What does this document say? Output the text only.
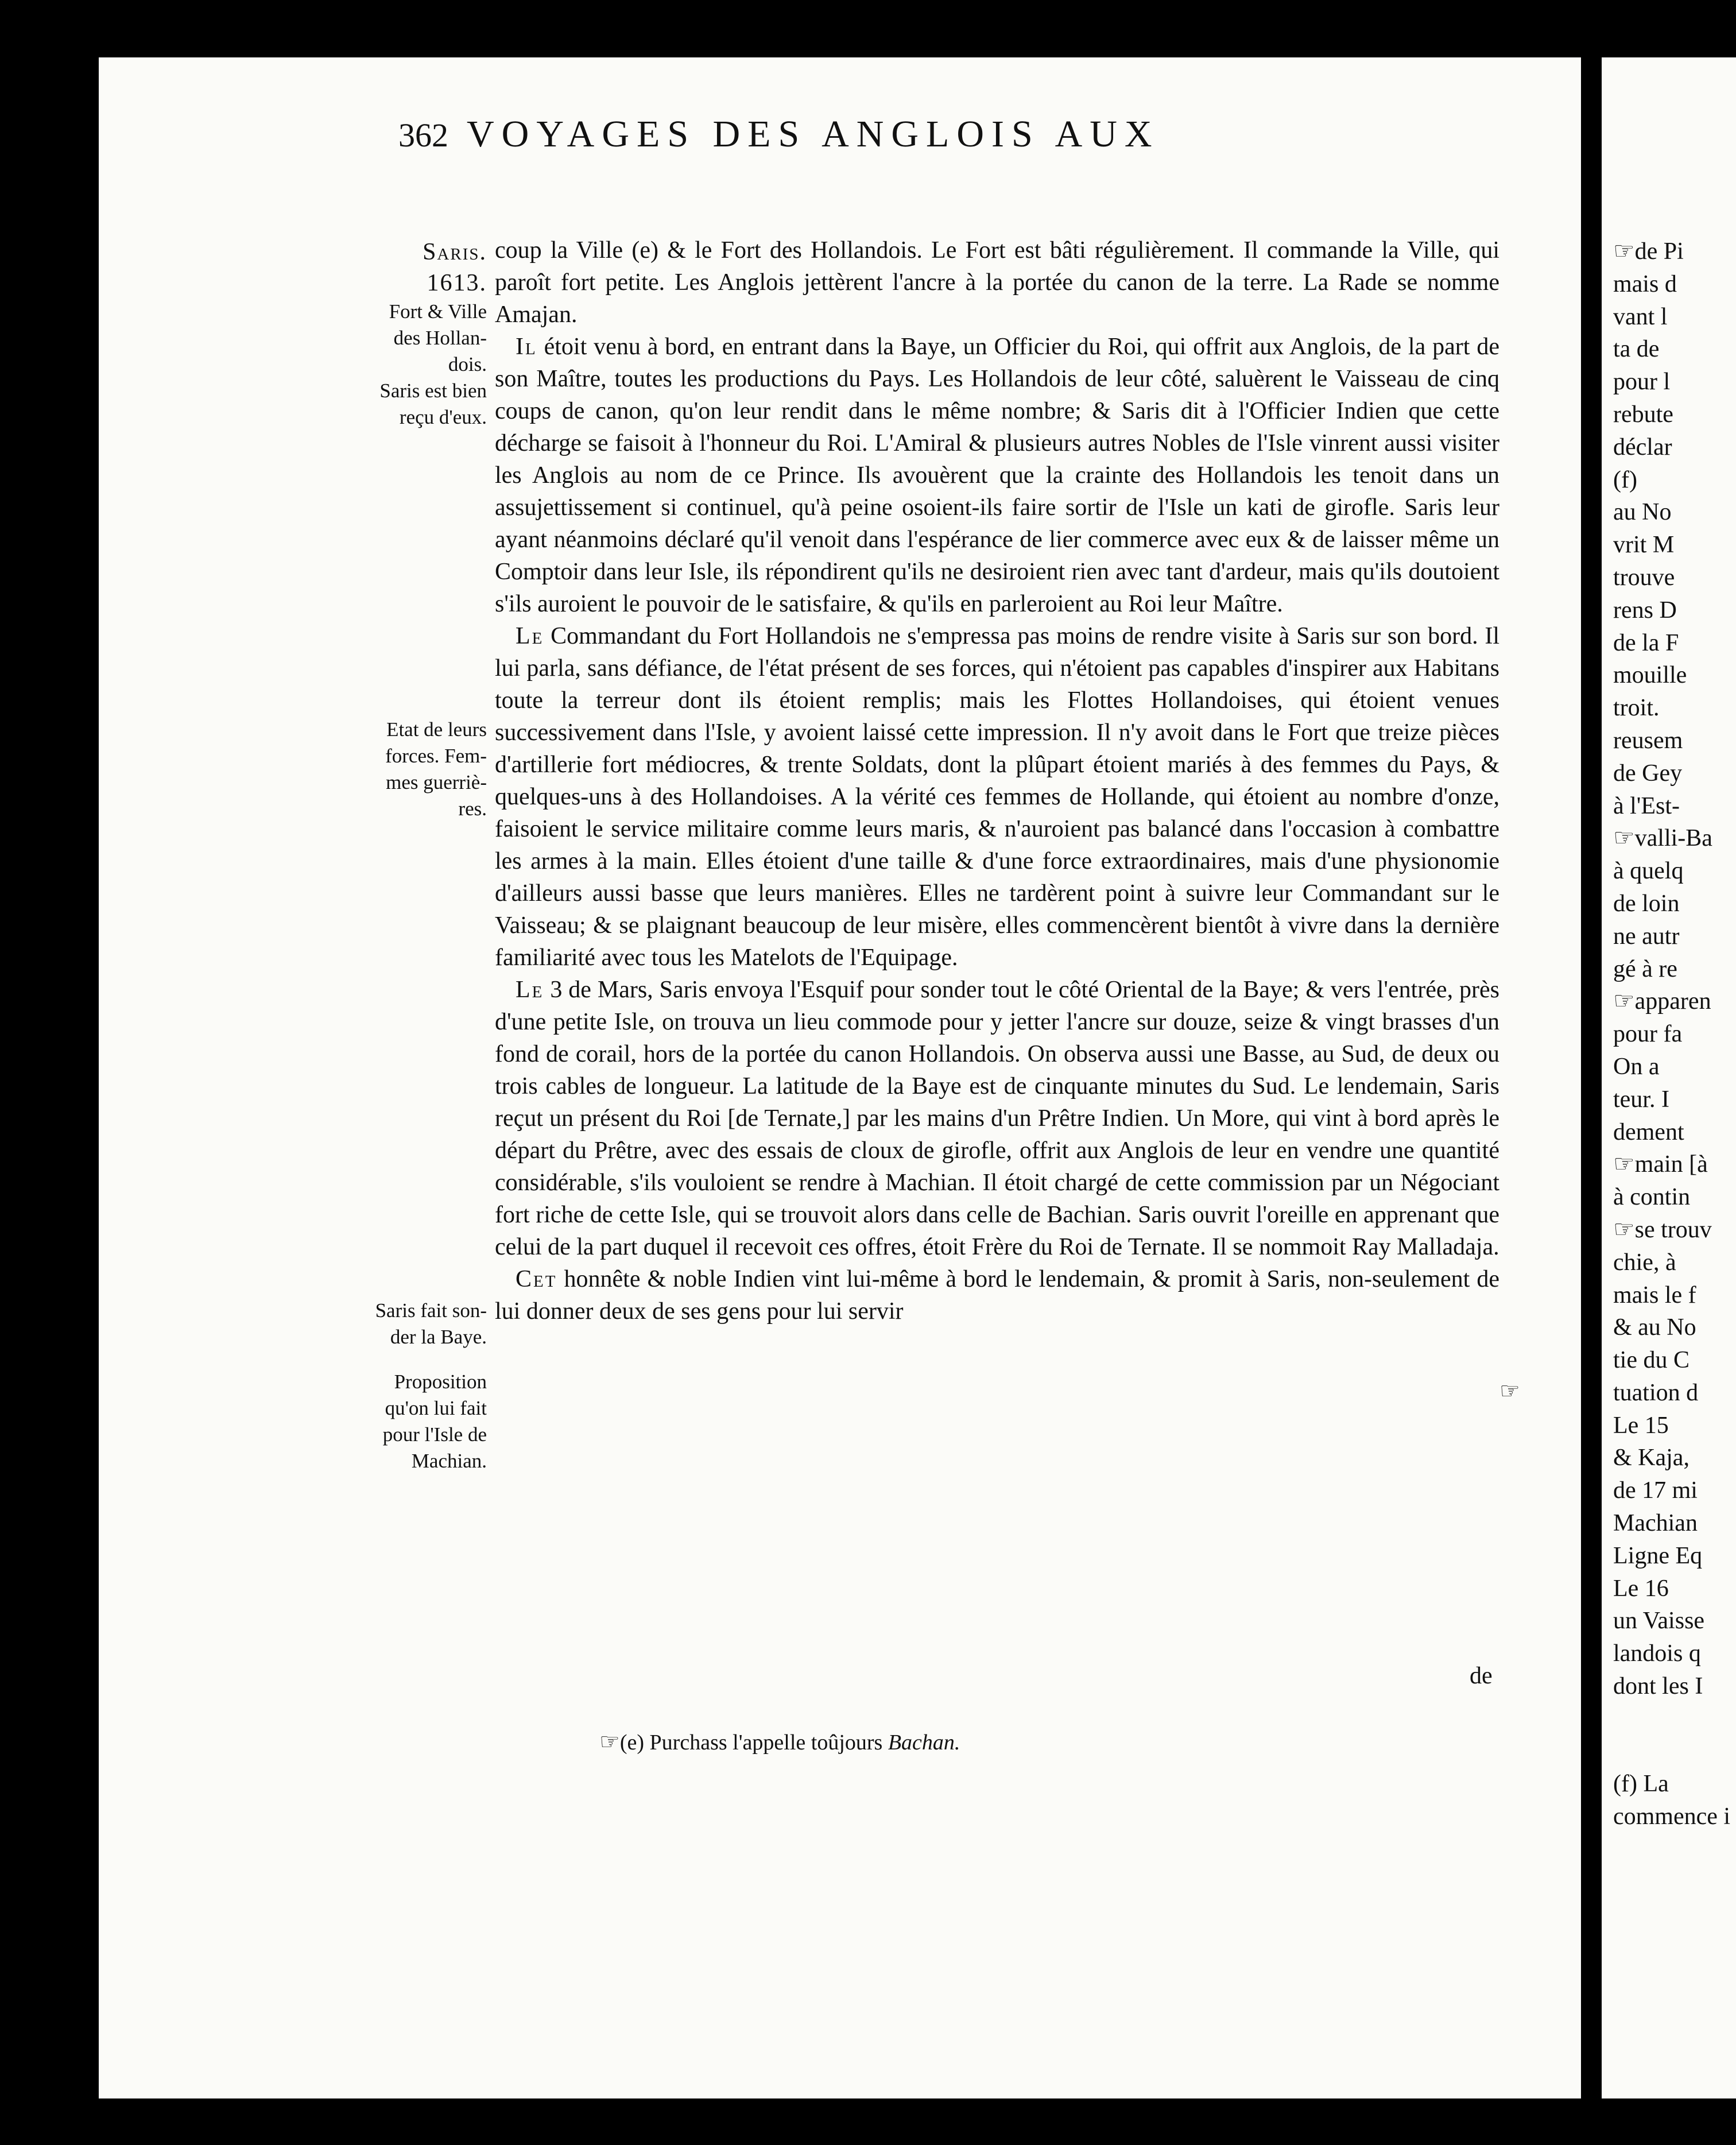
☞de Pi
mais d
vant l
ta de
pour l
rebute
déclar
(f)
au No
vrit M
trouve
rens D
de la F
mouille
troit.
reusem
de Gey
à l'Est-
☞valli-Ba
à quelq
de loin
ne autr
gé à re
☞apparen
pour fa
On a
teur. I
dement
☞main [à
à contin
☞se trouv
chie, à
mais le f
& au No
tie du C
tuation d
Le 15
& Kaja,
de 17 mi
Machian
Ligne Eq
Le 16
un Vaisse
landois q
dont les I
(f) La
commence i
362 VOYAGES DES ANGLOIS AUX
Saris.
1613.
Fort & Ville
des Hollan-
dois.
Saris est bien
reçu d'eux.
Etat de leurs
forces. Fem-
mes guerriè-
res.
Saris fait son-
der la Baye.
Proposition
qu'on lui fait
pour l'Isle de
Machian.

coup la Ville (e) & le Fort des Hollandois. Le Fort est bâti régulièrement. Il commande la Ville, qui paroît fort petite. Les Anglois jettèrent l'ancre à la portée du canon de la terre. La Rade se nomme Amajan.

Il étoit venu à bord, en entrant dans la Baye, un Officier du Roi, qui offrit aux Anglois, de la part de son Maître, toutes les productions du Pays. Les Hollandois de leur côté, saluèrent le Vaisseau de cinq coups de canon, qu'on leur rendit dans le même nombre; & Saris dit à l'Officier Indien que cette décharge se faisoit à l'honneur du Roi. L'Amiral & plusieurs autres Nobles de l'Isle vinrent aussi visiter les Anglois au nom de ce Prince. Ils avouèrent que la crainte des Hollandois les tenoit dans un assujettissement si continuel, qu'à peine osoient-ils faire sortir de l'Isle un kati de girofle. Saris leur ayant néanmoins déclaré qu'il venoit dans l'espérance de lier commerce avec eux & de laisser même un Comptoir dans leur Isle, ils répondirent qu'ils ne desiroient rien avec tant d'ardeur, mais qu'ils doutoient s'ils auroient le pouvoir de le satisfaire, & qu'ils en parleroient au Roi leur Maître.

Le Commandant du Fort Hollandois ne s'empressa pas moins de rendre visite à Saris sur son bord. Il lui parla, sans défiance, de l'état présent de ses forces, qui n'étoient pas capables d'inspirer aux Habitans toute la terreur dont ils étoient remplis; mais les Flottes Hollandoises, qui étoient venues successivement dans l'Isle, y avoient laissé cette impression. Il n'y avoit dans le Fort que treize pièces d'artillerie fort médiocres, & trente Soldats, dont la plûpart étoient mariés à des femmes du Pays, & quelques-uns à des Hollandoises. A la vérité ces femmes de Hollande, qui étoient au nombre d'onze, faisoient le service militaire comme leurs maris, & n'auroient pas balancé dans l'occasion à combattre les armes à la main. Elles étoient d'une taille & d'une force extraordinaires, mais d'une physionomie d'ailleurs aussi basse que leurs manières. Elles ne tardèrent point à suivre leur Commandant sur le Vaisseau; & se plaignant beaucoup de leur misère, elles commencèrent bientôt à vivre dans la dernière familiarité avec tous les Matelots de l'Equipage.

Le 3 de Mars, Saris envoya l'Esquif pour sonder tout le côté Oriental de la Baye; & vers l'entrée, près d'une petite Isle, on trouva un lieu commode pour y jetter l'ancre sur douze, seize & vingt brasses d'un fond de corail, hors de la portée du canon Hollandois. On observa aussi une Basse, au Sud, de deux ou trois cables de longueur. La latitude de la Baye est de cinquante minutes du Sud. Le lendemain, Saris reçut un présent du Roi [de Ternate,] par les mains d'un Prêtre Indien. Un More, qui vint à bord après le départ du Prêtre, avec des essais de cloux de girofle, offrit aux Anglois de leur en vendre une quantité considérable, s'ils vouloient se rendre à Machian. Il étoit chargé de cette commission par un Négociant fort riche de cette Isle, qui se trouvoit alors dans celle de Bachian. Saris ouvrit l'oreille en apprenant que celui de la part duquel il recevoit ces offres, étoit Frère du Roi de Ternate. Il se nommoit Ray Malladaja.

Cet honnête & noble Indien vint lui-même à bord le lendemain, & promit à Saris, non-seulement de lui donner deux de ses gens pour lui servir

de
☞
☞(e) Purchass l'appelle toûjours Bachan.
